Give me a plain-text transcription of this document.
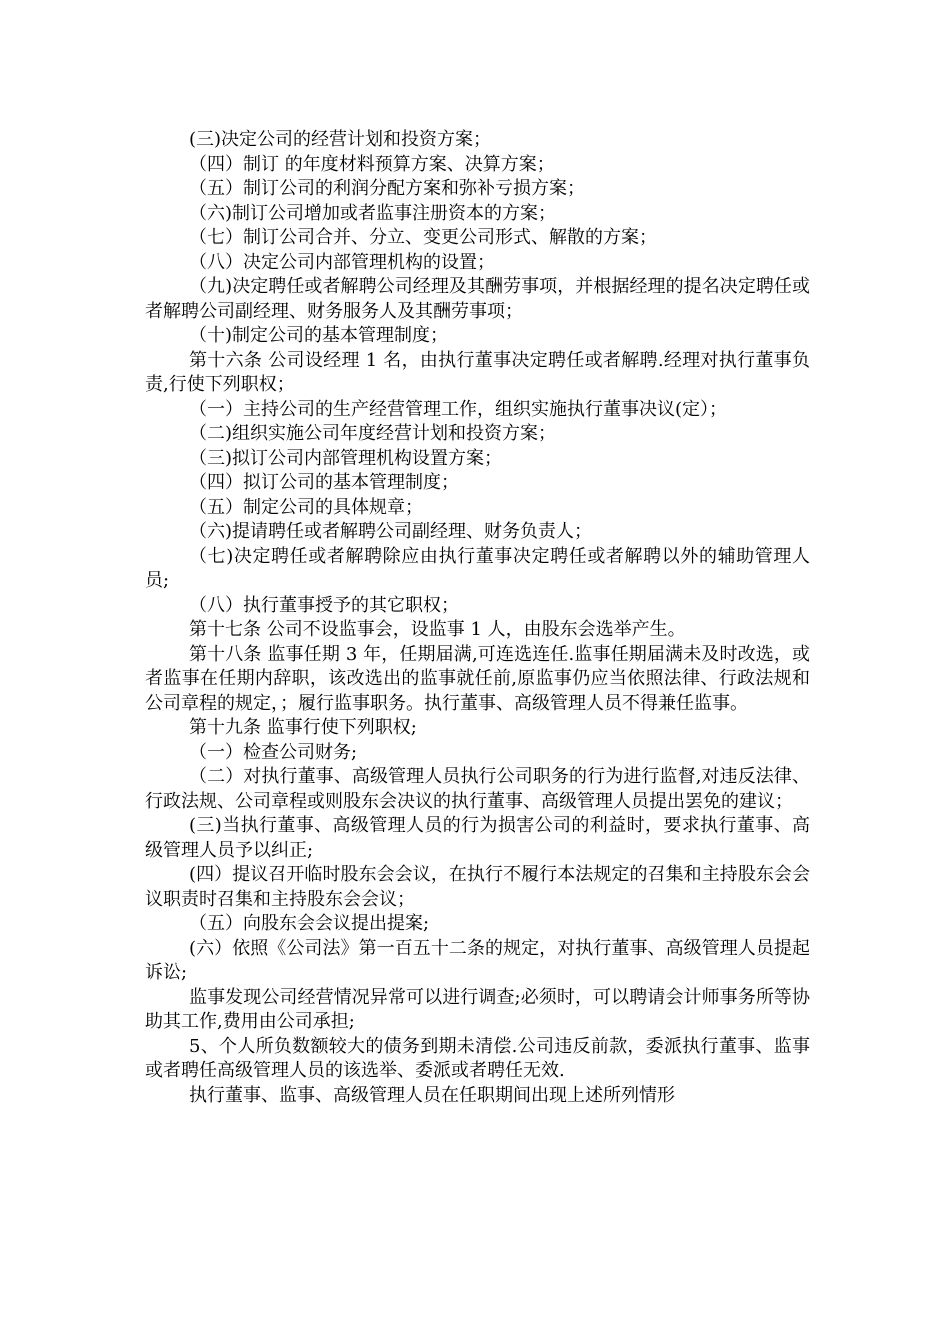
(三)决定公司的经营计划和投资方案；

（四）制订 的年度材料预算方案、决算方案；

（五）制订公司的利润分配方案和弥补亏损方案；

（六)制订公司增加或者监事注册资本的方案；

（七）制订公司合并、分立、变更公司形式、解散的方案；

（八）决定公司内部管理机构的设置；

（九)决定聘任或者解聘公司经理及其酬劳事项，并根据经理的提名决定聘任或者解聘公司副经理、财务服务人及其酬劳事项；

（十)制定公司的基本管理制度；

第十六条 公司设经理 1 名，由执行董事决定聘任或者解聘.经理对执行董事负责,行使下列职权；

（一）主持公司的生产经营管理工作，组织实施执行董事决议(定）；

（二)组织实施公司年度经营计划和投资方案；

（三)拟订公司内部管理机构设置方案；

（四）拟订公司的基本管理制度；

（五）制定公司的具体规章；

（六)提请聘任或者解聘公司副经理、财务负责人；

（七)决定聘任或者解聘除应由执行董事决定聘任或者解聘以外的辅助管理人员;

（八）执行董事授予的其它职权；

第十七条 公司不设监事会，设监事 1 人，由股东会选举产生。

第十八条 监事任期 3 年，任期届满,可连选连任.监事任期届满未及时改选，或者监事在任期内辞职，该改选出的监事就任前,原监事仍应当依照法律、行政法规和公司章程的规定，；履行监事职务。执行董事、高级管理人员不得兼任监事。

第十九条 监事行使下列职权;

（一）检查公司财务;

（二）对执行董事、高级管理人员执行公司职务的行为进行监督,对违反法律、行政法规、公司章程或则股东会决议的执行董事、高级管理人员提出罢免的建议；

(三)当执行董事、高级管理人员的行为损害公司的利益时，要求执行董事、高级管理人员予以纠正;

(四）提议召开临时股东会会议，在执行不履行本法规定的召集和主持股东会会议职责时召集和主持股东会会议；

（五）向股东会会议提出提案;

(六）依照《公司法》第一百五十二条的规定，对执行董事、高级管理人员提起诉讼;

监事发现公司经营情况异常可以进行调查;必须时，可以聘请会计师事务所等协助其工作,费用由公司承担;

5、个人所负数额较大的债务到期未清偿.公司违反前款，委派执行董事、监事或者聘任高级管理人员的该选举、委派或者聘任无效.

执行董事、监事、高级管理人员在任职期间出现上述所列情形
